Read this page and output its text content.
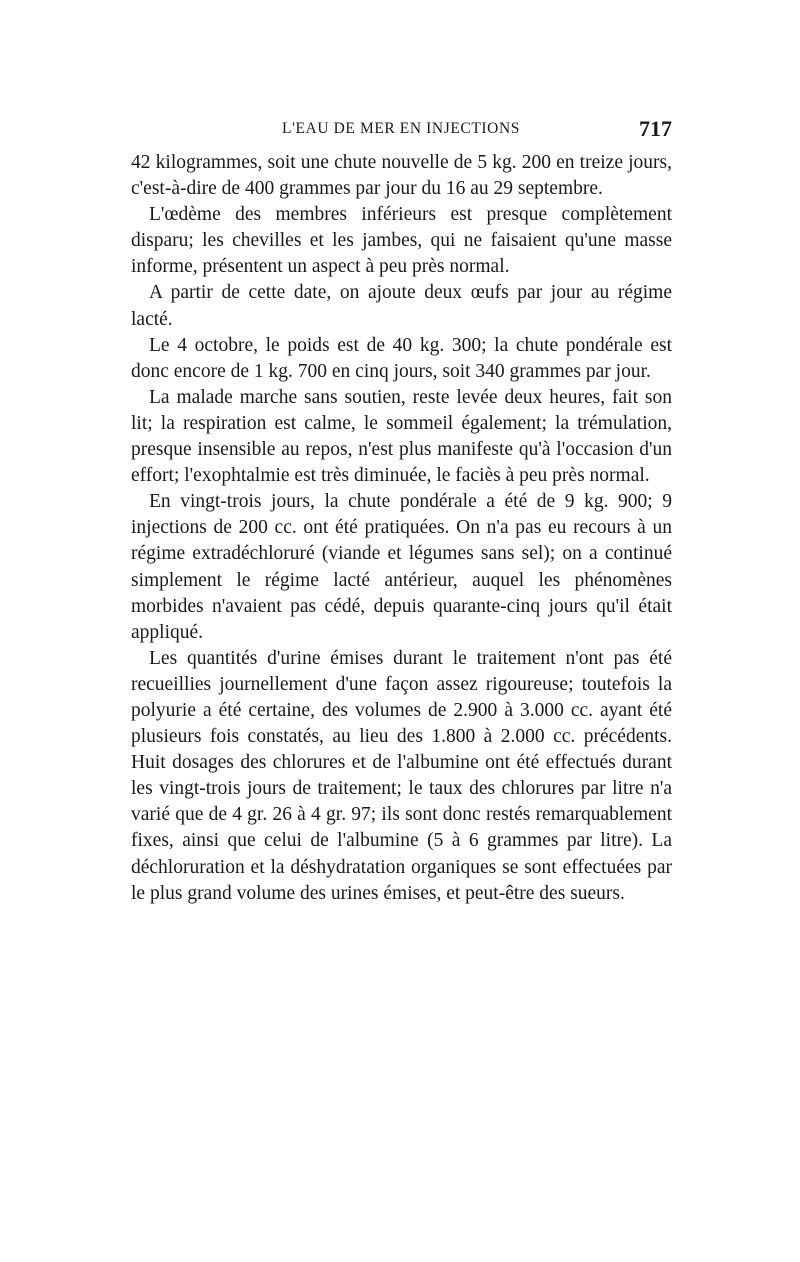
L'EAU DE MER EN INJECTIONS	717

42 kilogrammes, soit une chute nouvelle de 5 kg. 200 en treize jours, c'est-à-dire de 400 grammes par jour du 16 au 29 septembre.

L'œdème des membres inférieurs est presque complètement disparu; les chevilles et les jambes, qui ne faisaient qu'une masse informe, présentent un aspect à peu près normal.

A partir de cette date, on ajoute deux œufs par jour au régime lacté.

Le 4 octobre, le poids est de 40 kg. 300; la chute pondérale est donc encore de 1 kg. 700 en cinq jours, soit 340 grammes par jour.

La malade marche sans soutien, reste levée deux heures, fait son lit; la respiration est calme, le sommeil également; la trémulation, presque insensible au repos, n'est plus manifeste qu'à l'occasion d'un effort; l'exophtalmie est très diminuée, le faciès à peu près normal.

En vingt-trois jours, la chute pondérale a été de 9 kg. 900; 9 injections de 200 cc. ont été pratiquées. On n'a pas eu recours à un régime extradéchloruré (viande et légumes sans sel); on a continué simplement le régime lacté antérieur, auquel les phénomènes morbides n'avaient pas cédé, depuis quarante-cinq jours qu'il était appliqué.

Les quantités d'urine émises durant le traitement n'ont pas été recueillies journellement d'une façon assez rigoureuse; toutefois la polyurie a été certaine, des volumes de 2.900 à 3.000 cc. ayant été plusieurs fois constatés, au lieu des 1.800 à 2.000 cc. précédents. Huit dosages des chlorures et de l'albumine ont été effectués durant les vingt-trois jours de traitement; le taux des chlorures par litre n'a varié que de 4 gr. 26 à 4 gr. 97; ils sont donc restés remarquablement fixes, ainsi que celui de l'albumine (5 à 6 grammes par litre). La déchloruration et la déshydratation organiques se sont effectuées par le plus grand volume des urines émises, et peut-être des sueurs.
